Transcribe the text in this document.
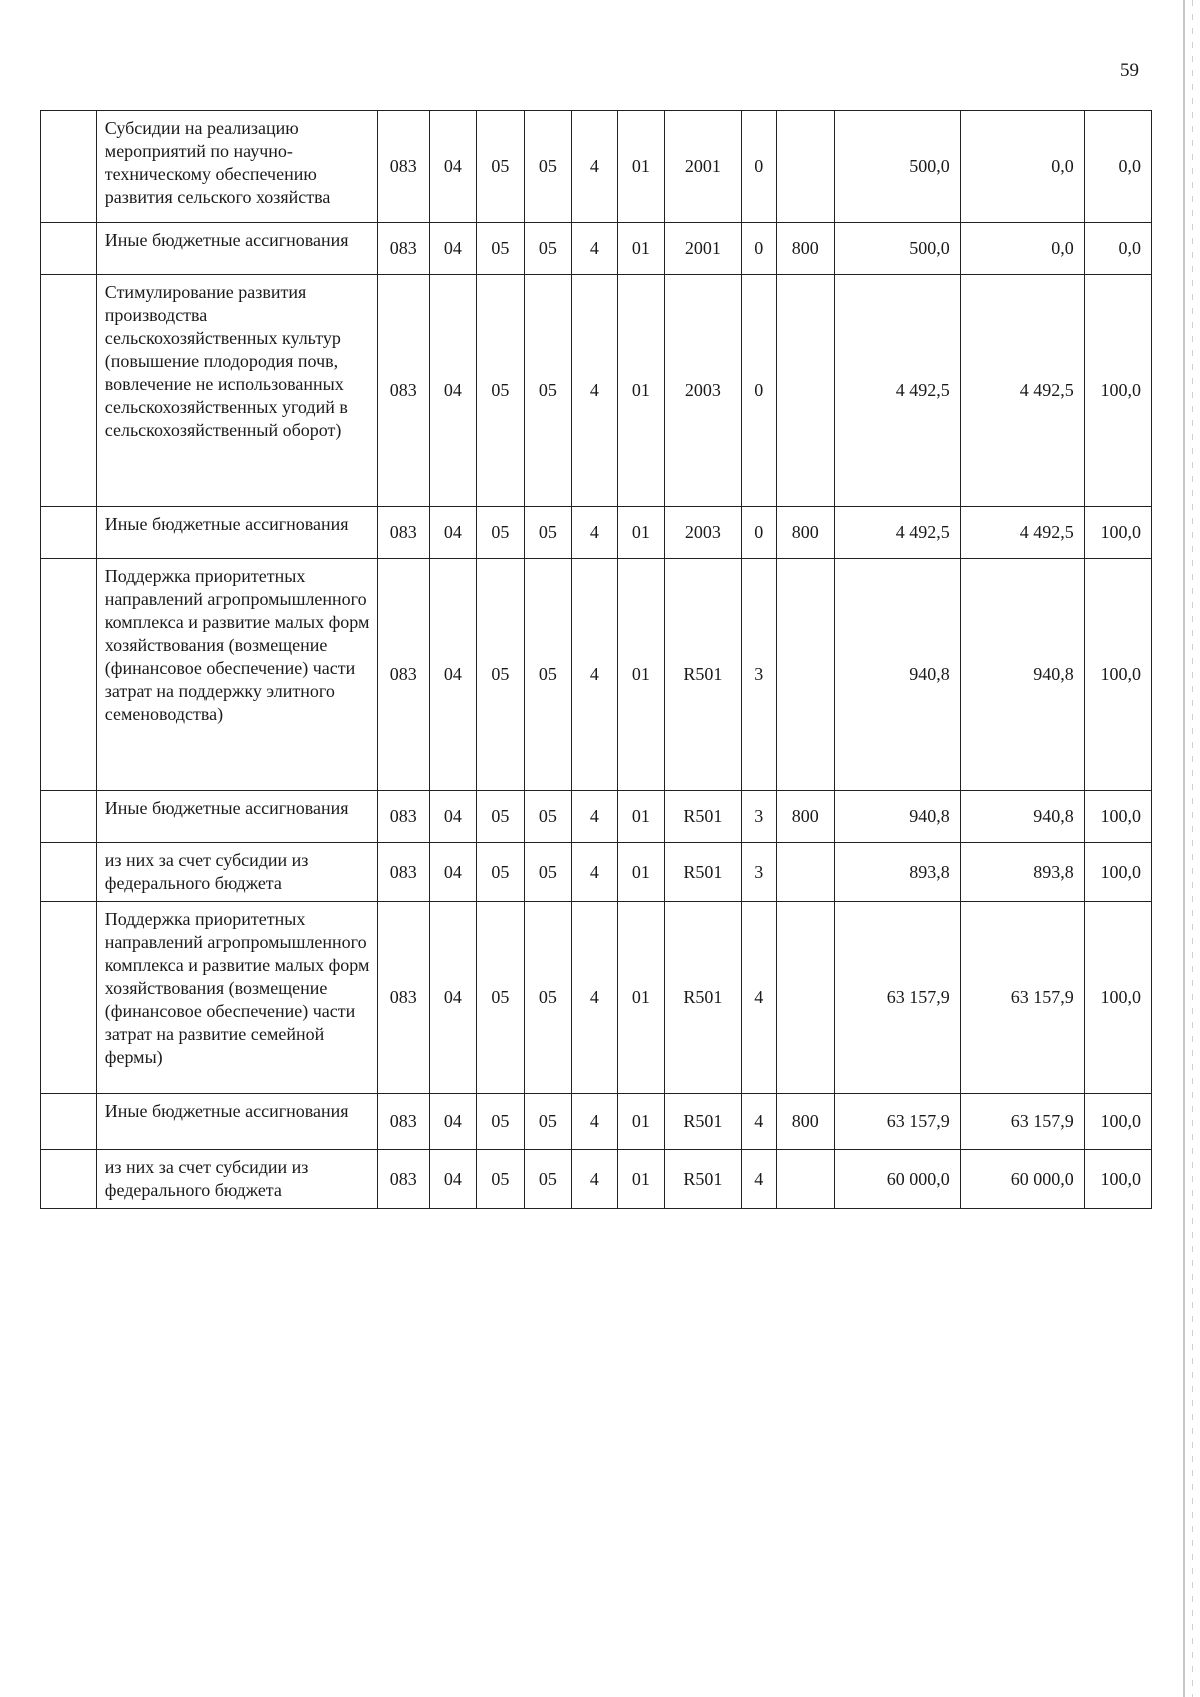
59
	Субсидии на реализацию мероприятий по научно-техническому обеспечению развития сельского хозяйства	083	04	05	05	4	01	2001	0		500,0	0,0	0,0
	Иные бюджетные ассигнования	083	04	05	05	4	01	2001	0	800	500,0	0,0	0,0
	Стимулирование развития производства сельскохозяйственных культур (повышение плодородия почв, вовлечение не использованных сельскохозяйственных угодий в сельскохозяйственный оборот)	083	04	05	05	4	01	2003	0		4 492,5	4 492,5	100,0
	Иные бюджетные ассигнования	083	04	05	05	4	01	2003	0	800	4 492,5	4 492,5	100,0
	Поддержка приоритетных направлений агропромышленного комплекса и развитие малых форм хозяйствования (возмещение (финансовое обеспечение) части затрат на поддержку элитного семеноводства)	083	04	05	05	4	01	R501	3		940,8	940,8	100,0
	Иные бюджетные ассигнования	083	04	05	05	4	01	R501	3	800	940,8	940,8	100,0
	из них за счет субсидии из федерального бюджета	083	04	05	05	4	01	R501	3		893,8	893,8	100,0
	Поддержка приоритетных направлений агропромышленного комплекса и развитие малых форм хозяйствования (возмещение (финансовое обеспечение) части затрат на развитие семейной фермы)	083	04	05	05	4	01	R501	4		63 157,9	63 157,9	100,0
	Иные бюджетные ассигнования	083	04	05	05	4	01	R501	4	800	63 157,9	63 157,9	100,0
	из них за счет субсидии из федерального бюджета	083	04	05	05	4	01	R501	4		60 000,0	60 000,0	100,0
